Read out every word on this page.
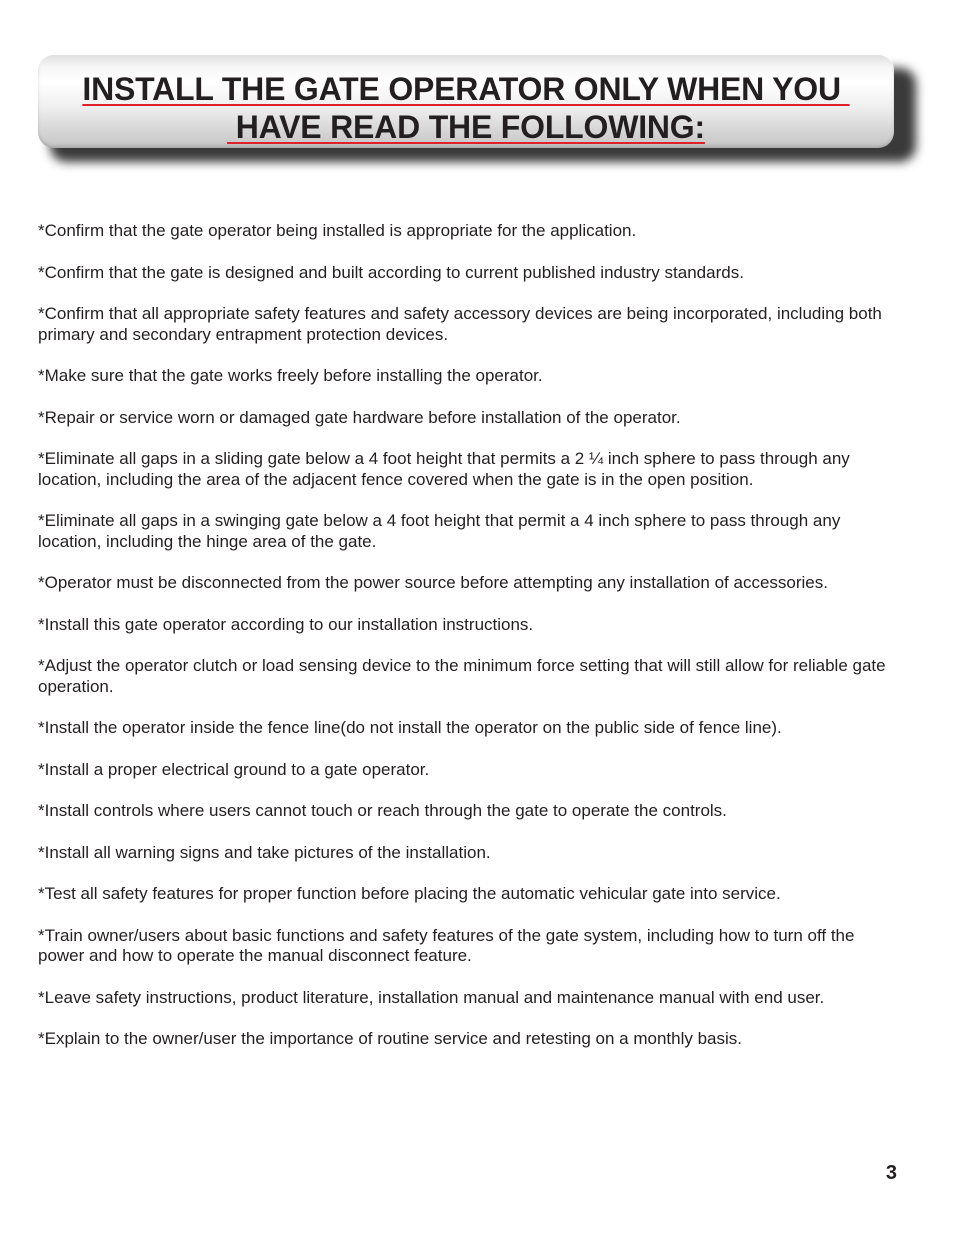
INSTALL THE GATE OPERATOR ONLY WHEN YOU
HAVE READ THE FOLLOWING:

*Confirm that the gate operator being installed is appropriate for the application.

*Confirm that the gate is designed and built according to current published industry standards.

*Confirm that all appropriate safety features and safety accessory devices are being incorporated, including both primary and secondary entrapment protection devices.

*Make sure that the gate works freely before installing the operator.

*Repair or service worn or damaged gate hardware before installation of the operator.

*Eliminate all gaps in a sliding gate below a 4 foot height that permits a 2 ¼ inch sphere to pass through any location, including the area of the adjacent fence covered when the gate is in the open position.

*Eliminate all gaps in a swinging gate below a 4 foot height that permit a 4 inch sphere to pass through any location, including the hinge area of the gate.

*Operator must be disconnected from the power source before attempting any installation of accessories.

*Install this gate operator according to our installation instructions.

*Adjust the operator clutch or load sensing device to the minimum force setting that will still allow for reliable gate operation.

*Install the operator inside the fence line(do not install the operator on the public side of fence line).

*Install a proper electrical ground to a gate operator.

*Install controls where users cannot touch or reach through the gate to operate the controls.

*Install all warning signs and take pictures of the installation.

*Test all safety features for proper function before placing the automatic vehicular gate into service.

*Train owner/users about basic functions and safety features of the gate system, including how to turn off the power and how to operate the manual disconnect feature.

*Leave safety instructions, product literature, installation manual and maintenance manual with end user.

*Explain to the owner/user the importance of routine service and retesting on a monthly basis.

3
